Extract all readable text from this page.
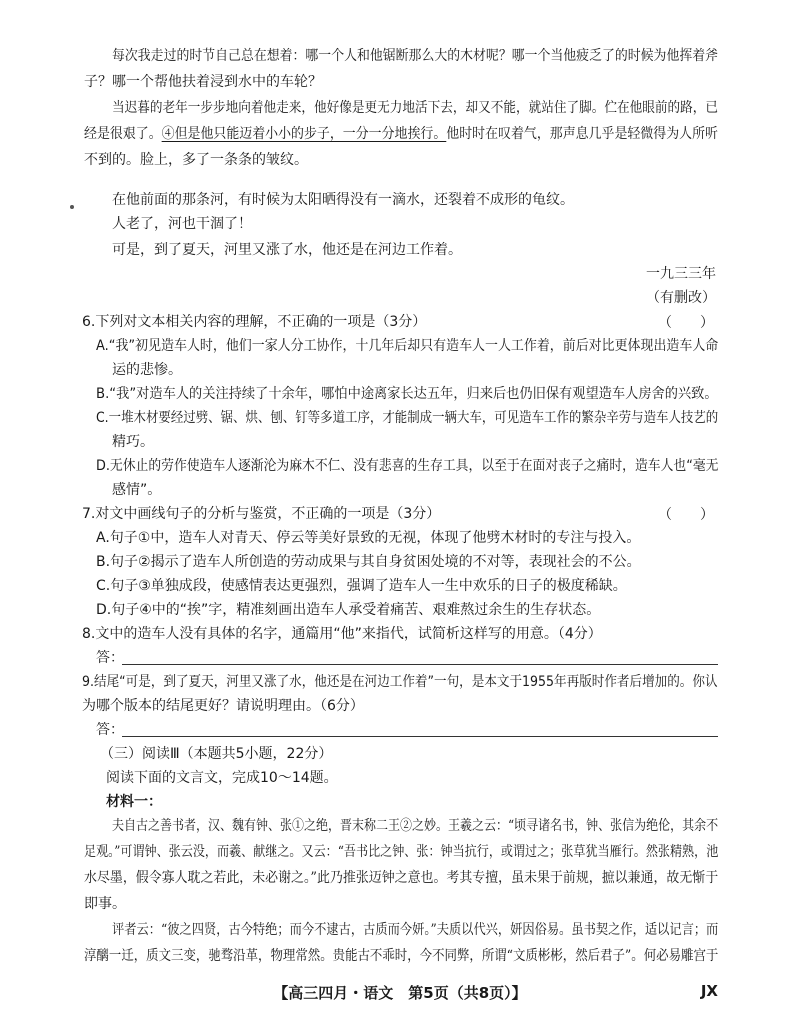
每次我走过的时节自己总在想着：哪一个人和他锯断那么大的木材呢？哪一个当他疲乏了的时候为他挥着斧
子？哪一个帮他扶着浸到水中的车轮？
当迟暮的老年一步步地向着他走来，他好像是更无力地活下去，却又不能，就站住了脚。伫在他眼前的路，已
经是很艰了。④但是他只能迈着小小的步子，一分一分地挨行。他时时在叹着气，那声息几乎是轻微得为人所听
不到的。脸上，多了一条条的皱纹。
在他前面的那条河，有时候为太阳晒得没有一滴水，还裂着不成形的龟纹。
人老了，河也干涸了！
可是，到了夏天，河里又涨了水，他还是在河边工作着。
一九三三年
（有删改）
6.下列对文本相关内容的理解，不正确的一项是（3分）	（　　）
A.“我”初见造车人时，他们一家人分工协作，十几年后却只有造车人一人工作着，前后对比更体现出造车人命
运的悲惨。
B.“我”对造车人的关注持续了十余年，哪怕中途离家长达五年，归来后也仍旧保有观望造车人房舍的兴致。
C.一堆木材要经过劈、锯、烘、刨、钉等多道工序，才能制成一辆大车，可见造车工作的繁杂辛劳与造车人技艺的
精巧。
D.无休止的劳作使造车人逐渐沦为麻木不仁、没有悲喜的生存工具，以至于在面对丧子之痛时，造车人也“毫无
感情”。
7.对文中画线句子的分析与鉴赏，不正确的一项是（3分）	（　　）
A.句子①中，造车人对青天、停云等美好景致的无视，体现了他劈木材时的专注与投入。
B.句子②揭示了造车人所创造的劳动成果与其自身贫困处境的不对等，表现社会的不公。
C.句子③单独成段，使感情表达更强烈，强调了造车人一生中欢乐的日子的极度稀缺。
D.句子④中的“挨”字，精准刻画出造车人承受着痛苦、艰难熬过余生的生存状态。
8.文中的造车人没有具体的名字，通篇用“他”来指代，试简析这样写的用意。（4分）
答：
9.结尾“可是，到了夏天，河里又涨了水，他还是在河边工作着”一句，是本文于1955年再版时作者后增加的。你认
为哪个版本的结尾更好？请说明理由。（6分）
答：
（三）阅读Ⅲ（本题共5小题，22分）
阅读下面的文言文，完成10～14题。
材料一：
夫自古之善书者，汉、魏有钟、张①之绝，晋末称二王②之妙。王羲之云：“顷寻诸名书，钟、张信为绝伦，其余不
足观。”可谓钟、张云没，而羲、献继之。又云：“吾书比之钟、张：钟当抗行，或谓过之；张草犹当雁行。然张精熟，池
水尽墨，假令寡人耽之若此，未必谢之。”此乃推张迈钟之意也。考其专擅，虽未果于前规，摭以兼通，故无惭于
即事。
评者云：“彼之四贤，古今特绝；而今不逮古，古质而今妍。”夫质以代兴，妍因俗易。虽书契之作，适以记言；而
淳醨一迁，质文三变，驰骛沿革，物理常然。贵能古不乖时，今不同弊，所谓“文质彬彬，然后君子”。何必易雕宫于
【高三四月・语文　第5页（共8页）】	JX
